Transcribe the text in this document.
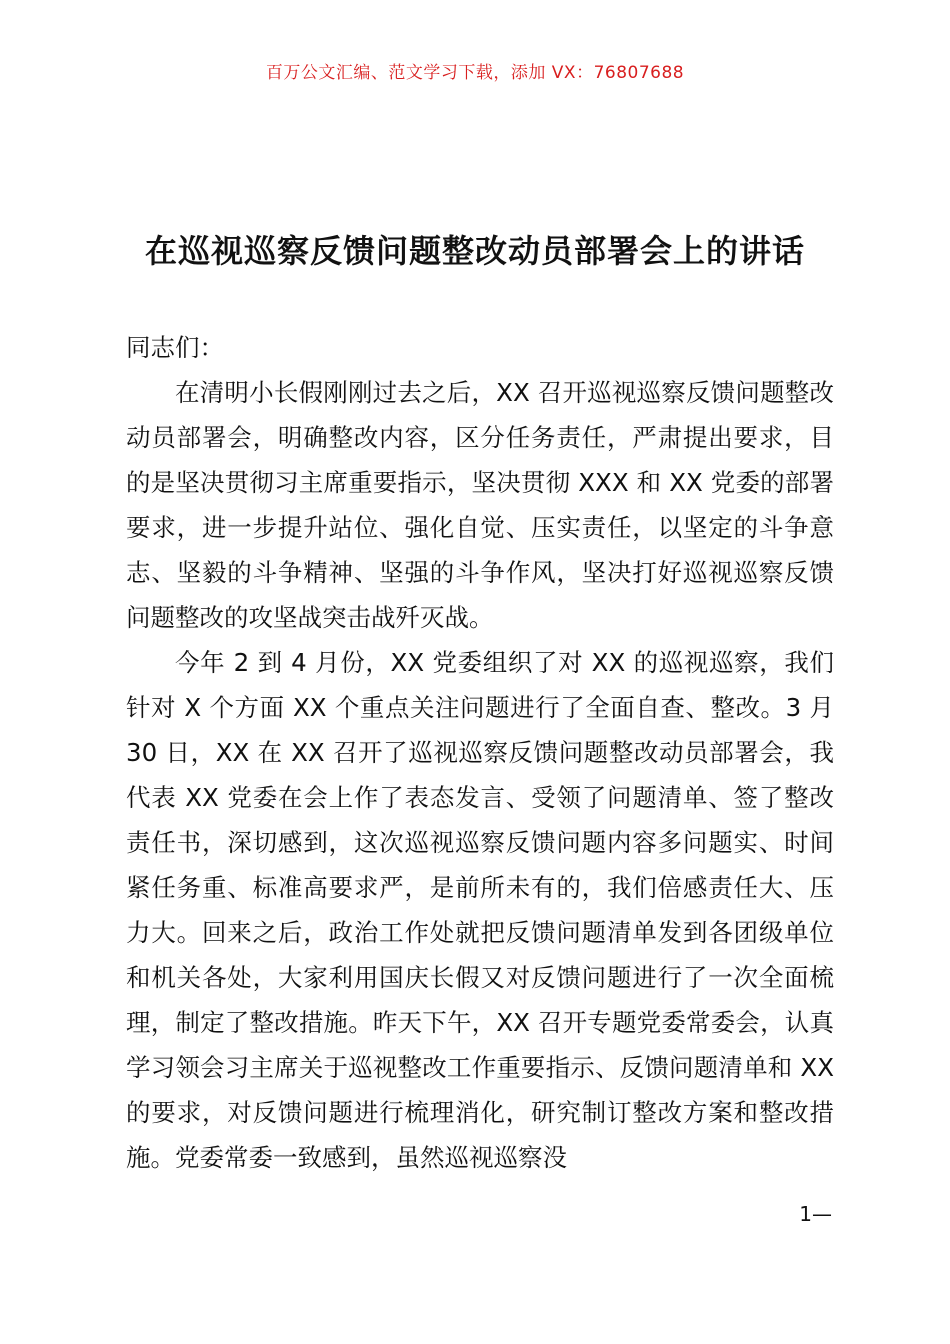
百万公文汇编、范文学习下载，添加 VX：76807688
在巡视巡察反馈问题整改动员部署会上的讲话

同志们：

在清明小长假刚刚过去之后，XX 召开巡视巡察反馈问题整改动员部署会，明确整改内容，区分任务责任，严肃提出要求，目的是坚决贯彻习主席重要指示，坚决贯彻 XXX 和 XX 党委的部署要求，进一步提升站位、强化自觉、压实责任，以坚定的斗争意志、坚毅的斗争精神、坚强的斗争作风，坚决打好巡视巡察反馈问题整改的攻坚战突击战歼灭战。

今年 2 到 4 月份，XX 党委组织了对 XX 的巡视巡察，我们针对 X 个方面 XX 个重点关注问题进行了全面自查、整改。3 月 30 日，XX 在 XX 召开了巡视巡察反馈问题整改动员部署会，我代表 XX 党委在会上作了表态发言、受领了问题清单、签了整改责任书，深切感到，这次巡视巡察反馈问题内容多问题实、时间紧任务重、标准高要求严，是前所未有的，我们倍感责任大、压力大。回来之后，政治工作处就把反馈问题清单发到各团级单位和机关各处，大家利用国庆长假又对反馈问题进行了一次全面梳理，制定了整改措施。昨天下午，XX 召开专题党委常委会，认真学习领会习主席关于巡视整改工作重要指示、反馈问题清单和 XX 的要求，对反馈问题进行梳理消化，研究制订整改方案和整改措施。党委常委一致感到，虽然巡视巡察没

1—
